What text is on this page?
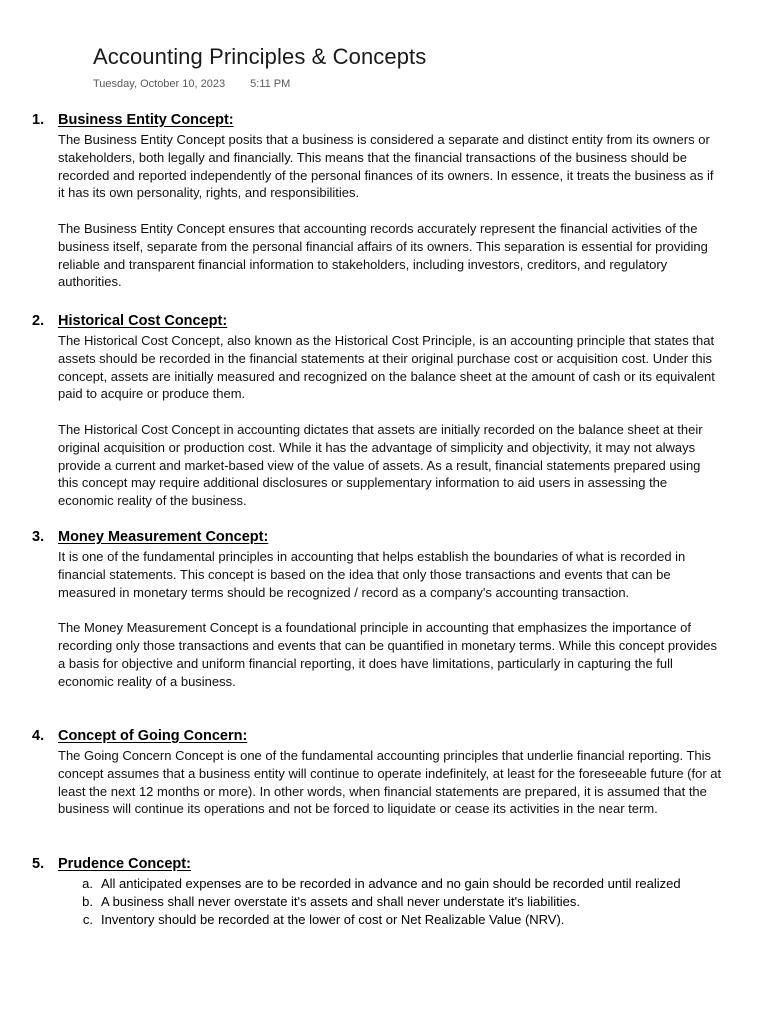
Accounting Principles & Concepts
Tuesday, October 10, 2023 5:11 PM
1. Business Entity Concept:
The Business Entity Concept posits that a business is considered a separate and distinct entity from its owners or stakeholders, both legally and financially. This means that the financial transactions of the business should be recorded and reported independently of the personal finances of its owners. In essence, it treats the business as if it has its own personality, rights, and responsibilities.
The Business Entity Concept ensures that accounting records accurately represent the financial activities of the business itself, separate from the personal financial affairs of its owners. This separation is essential for providing reliable and transparent financial information to stakeholders, including investors, creditors, and regulatory authorities.
2. Historical Cost Concept:
The Historical Cost Concept, also known as the Historical Cost Principle, is an accounting principle that states that assets should be recorded in the financial statements at their original purchase cost or acquisition cost. Under this concept, assets are initially measured and recognized on the balance sheet at the amount of cash or its equivalent paid to acquire or produce them.
The Historical Cost Concept in accounting dictates that assets are initially recorded on the balance sheet at their original acquisition or production cost. While it has the advantage of simplicity and objectivity, it may not always provide a current and market-based view of the value of assets. As a result, financial statements prepared using this concept may require additional disclosures or supplementary information to aid users in assessing the economic reality of the business.
3. Money Measurement Concept:
It is one of the fundamental principles in accounting that helps establish the boundaries of what is recorded in financial statements. This concept is based on the idea that only those transactions and events that can be measured in monetary terms should be recognized / record as a company's accounting transaction.
The Money Measurement Concept is a foundational principle in accounting that emphasizes the importance of recording only those transactions and events that can be quantified in monetary terms. While this concept provides a basis for objective and uniform financial reporting, it does have limitations, particularly in capturing the full economic reality of a business.
4. Concept of Going Concern:
The Going Concern Concept is one of the fundamental accounting principles that underlie financial reporting. This concept assumes that a business entity will continue to operate indefinitely, at least for the foreseeable future (for at least the next 12 months or more). In other words, when financial statements are prepared, it is assumed that the business will continue its operations and not be forced to liquidate or cease its activities in the near term.
5. Prudence Concept:
a. All anticipated expenses are to be recorded in advance and no gain should be recorded until realized
b. A business shall never overstate it's assets and shall never understate it's liabilities.
c. Inventory should be recorded at the lower of cost or Net Realizable Value (NRV).
